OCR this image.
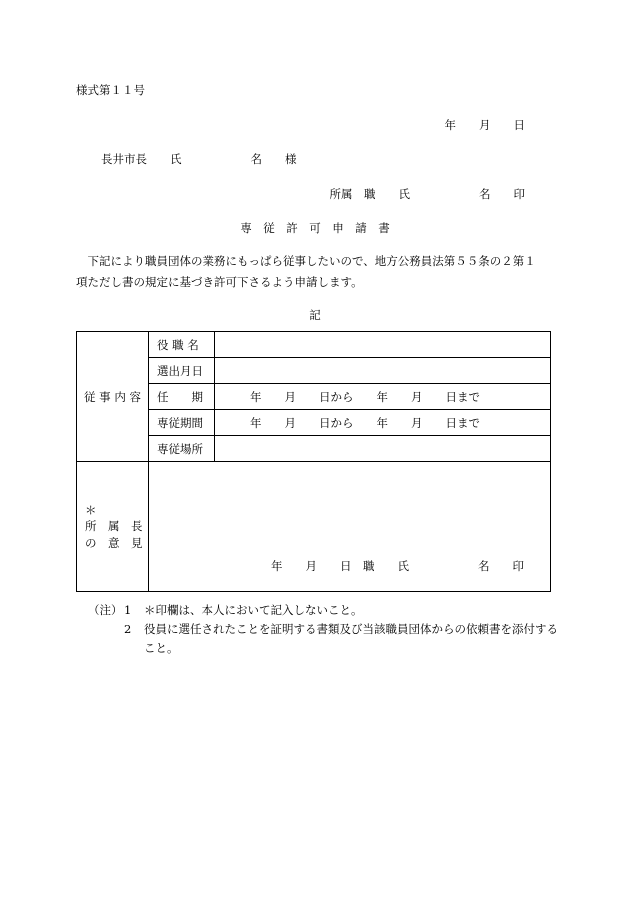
様式第１１号
年　　月　　日
長井市長　　氏　　　　　　名　　様
所属　職　　氏　　　　　　名　　印
専　従　許　可　申　請　書
　下記により職員団体の業務にもっぱら従事したいので、地方公務員法第５５条の２第１
項ただし書の規定に基づき許可下さるよう申請します。
記
従 事 内 容	役 職 名	
	選出月日	
	任　　期	年　　月　　日から　　年　　月　　日まで
	専従期間	年　　月　　日から　　年　　月　　日まで
	専従場所	
＊
所　属　長
の　意　見	年　　月　　日　職　　氏　　　　　　名　　印	

（注） 1	＊印欄は、本人において記入しないこと。
2	役員に選任されたことを証明する書類及び当該職員団体からの依頼書を添付すること。
